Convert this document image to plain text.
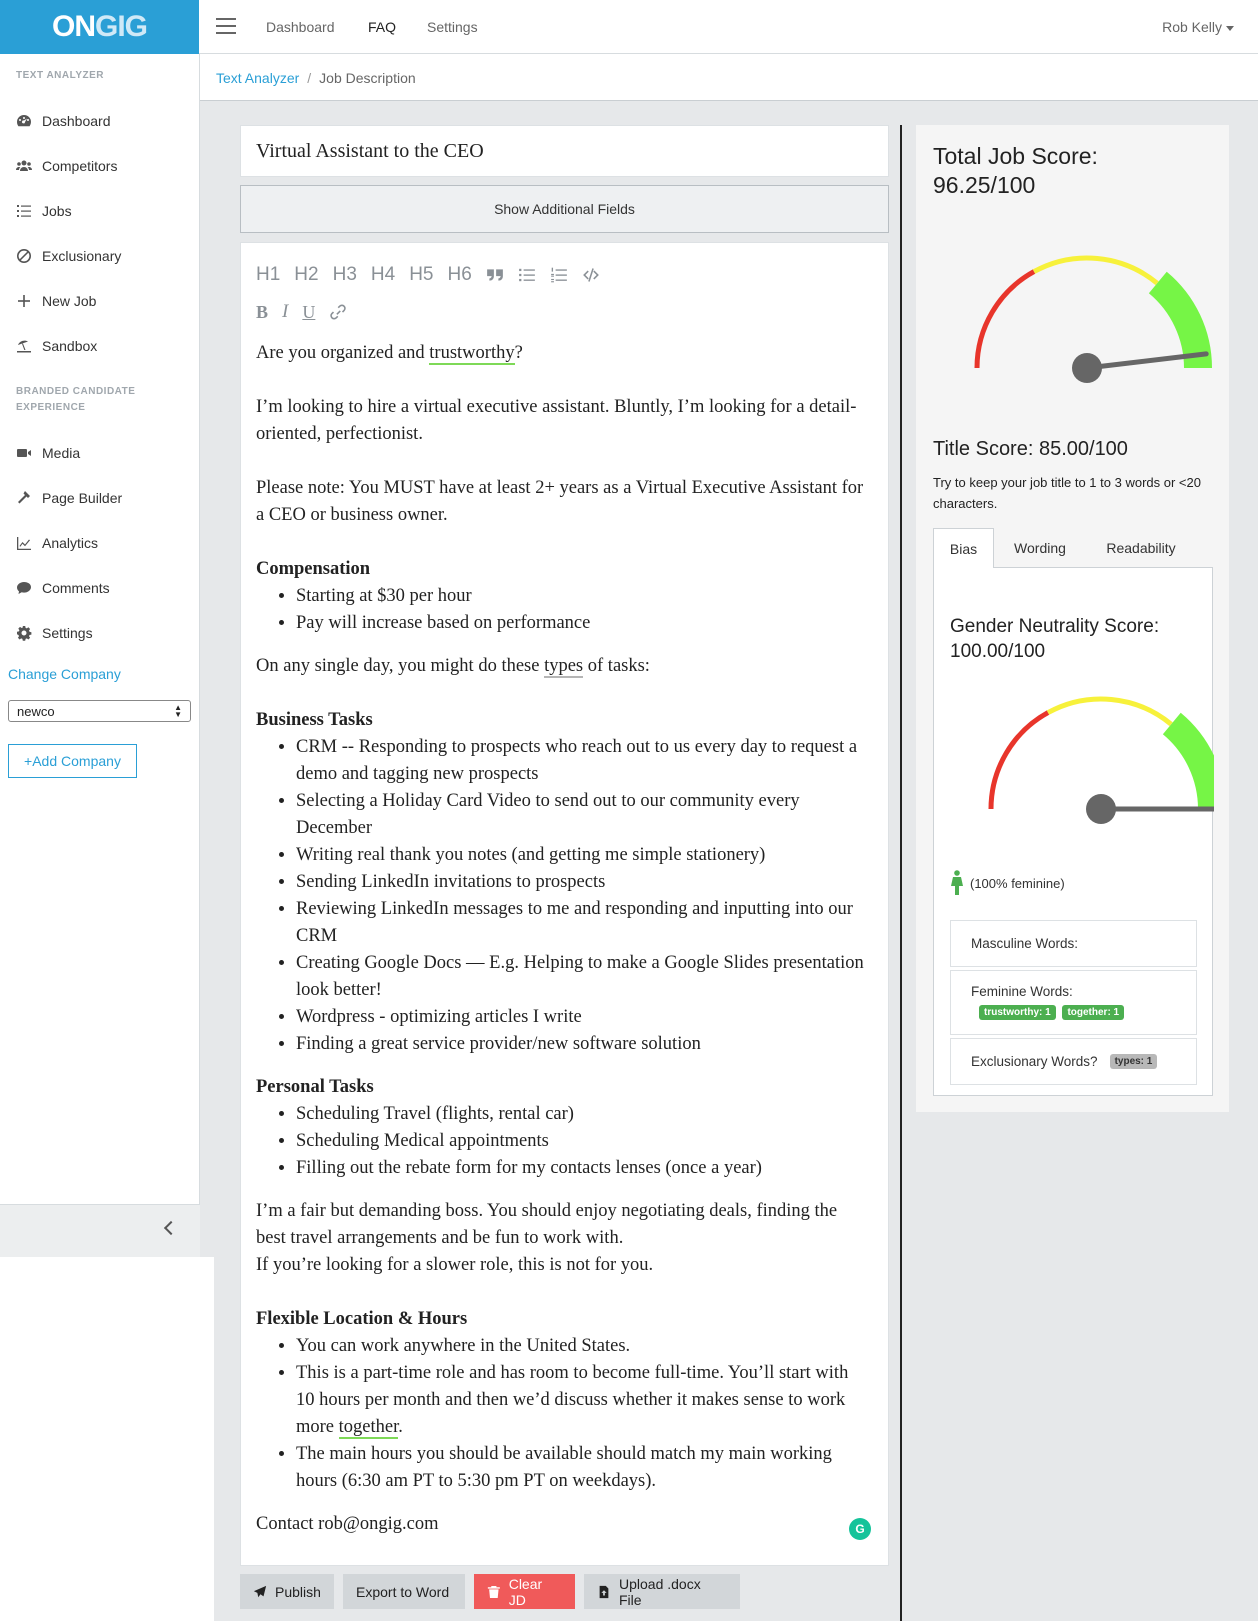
ON GIG	Dashboard FAQ Settings	Rob Kelly
TEXT ANALYZER
Dashboard
Competitors
Jobs
Exclusionary
New Job
Sandbox
BRANDED CANDIDATE
EXPERIENCE
Media
Page Builder
Analytics
Comments
Settings
Change Company
newco	▲
▼
+Add Company
Text Analyzer / Job Description
Virtual Assistant to the CEO
Show Additional Fields
H1 H2 H3 H4 H5 H6
B I U

Are you organized and trustworthy?

I’m looking to hire a virtual executive assistant. Bluntly, I’m looking for a detail-oriented, perfectionist.

Please note: You MUST have at least 2+ years as a Virtual Executive Assistant for a CEO or business owner.

Compensation
• Starting at $30 per hour
• Pay will increase based on performance

On any single day, you might do these types of tasks:

Business Tasks
• CRM -- Responding to prospects who reach out to us every day to request a demo and tagging new prospects
• Selecting a Holiday Card Video to send out to our community every December
• Writing real thank you notes (and getting me simple stationery)
• Sending LinkedIn invitations to prospects
• Reviewing LinkedIn messages to me and responding and inputting into our CRM
• Creating Google Docs — E.g. Helping to make a Google Slides presentation look better!
• Wordpress - optimizing articles I write
• Finding a great service provider/new software solution
Personal Tasks
• Scheduling Travel (flights, rental car)
• Scheduling Medical appointments
• Filling out the rebate form for my contacts lenses (once a year)

I’m a fair but demanding boss. You should enjoy negotiating deals, finding the best travel arrangements and be fun to work with.

If you’re looking for a slower role, this is not for you.

Flexible Location & Hours
• You can work anywhere in the United States.
• This is a part-time role and has room to become full-time. You’ll start with 10 hours per month and then we’d discuss whether it makes sense to work more together.
• The main hours you should be available should match my main working hours (6:30 am PT to 5:30 pm PT on weekdays).

Contact rob@ongig.com	G
Publish	Export to Word	Clear JD
Upload .docx File
Total Job Score:
96.25/100
Title Score: 85.00/100
Try to keep your job title to 1 to 3 words or <20 characters.
Bias	Wording	Readability
Gender Neutrality Score:
100.00/100
(100% feminine)
Masculine Words:
Feminine Words:
trustworthy: 1 together: 1
Exclusionary Words?	types: 1
